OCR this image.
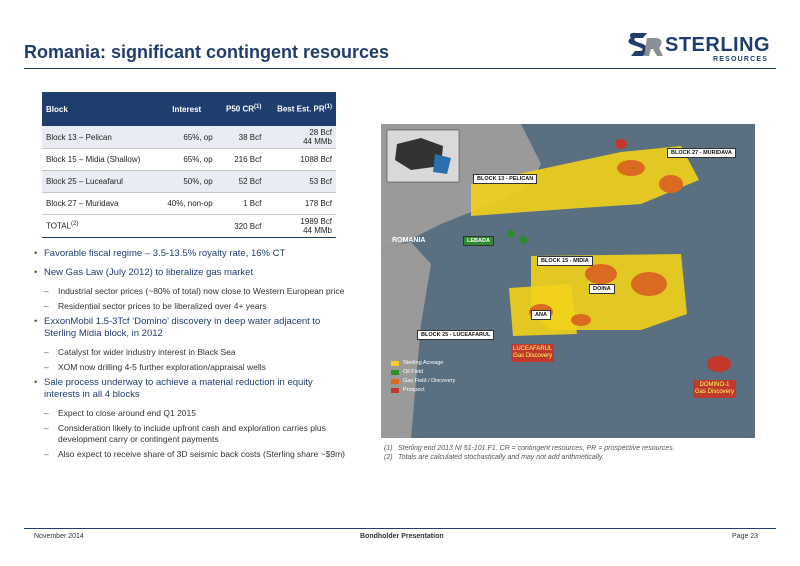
Romania: significant contingent resources	STERLING
RESOURCES
Block	Interest	P50 CR$^{(1)}$	Best Est. PR$^{(1)}$
Block 13 – Pelican	65%, op	38 Bcf	28 Bcf
44 MMb

Block 15 – Midia (Shallow)	65%, op	216 Bcf	1088 Bcf
Block 25 – Luceafarul	50%, op	52 Bcf	53 Bcf
Block 27 – Muridava	40%, non-op	1 Bcf	178 Bcf
TOTAL$^{(2)}$		320 Bcf	1989 Bcf
44 MMb
• Favorable fiscal regime – 3.5-13.5% royalty rate, 16% CT
• New Gas Law (July 2012) to liberalize gas market
– Industrial sector prices (~80% of total) now close to Western European price
– Residential sector prices to be liberalized over 4+ years
• ExxonMobil 1.5-3Tcf ‘Domino’ discovery in deep water adjacent to Sterling Midia block, in 2012
– Catalyst for wider industry interest in Black Sea
– XOM now drilling 4-5 further exploration/appraisal wells
• Sale process underway to achieve a material reduction in equity interests in all 4 blocks
– Expect to close around end Q1 2015
– Consideration likely to include upfront cash and exploration carries plus development carry or contingent payments
– Also expect to receive share of 3D seismic back costs (Sterling share ~$9m)
BLOCK 13 - PELICAN
BLOCK 27 - MURIDAVA
BLOCK 15 - MIDIA
BLOCK 25 - LUCEAFARUL
ROMANIA	LEBADA
ANA
DOINA
LUCEAFARUL
Gas Discovery
DOMINO-1
Gas Discovery
Sterling Acreage
Oil Field
Gas Field / Discovery
Prospect
(1) Sterling end 2013 NI 51-101 F1. CR = contingent resources, PR = prospective resources.
(2) Totals are calculated stochastically and may not add arithmetically.
November 2014	Bondholder Presentation	Page 23
